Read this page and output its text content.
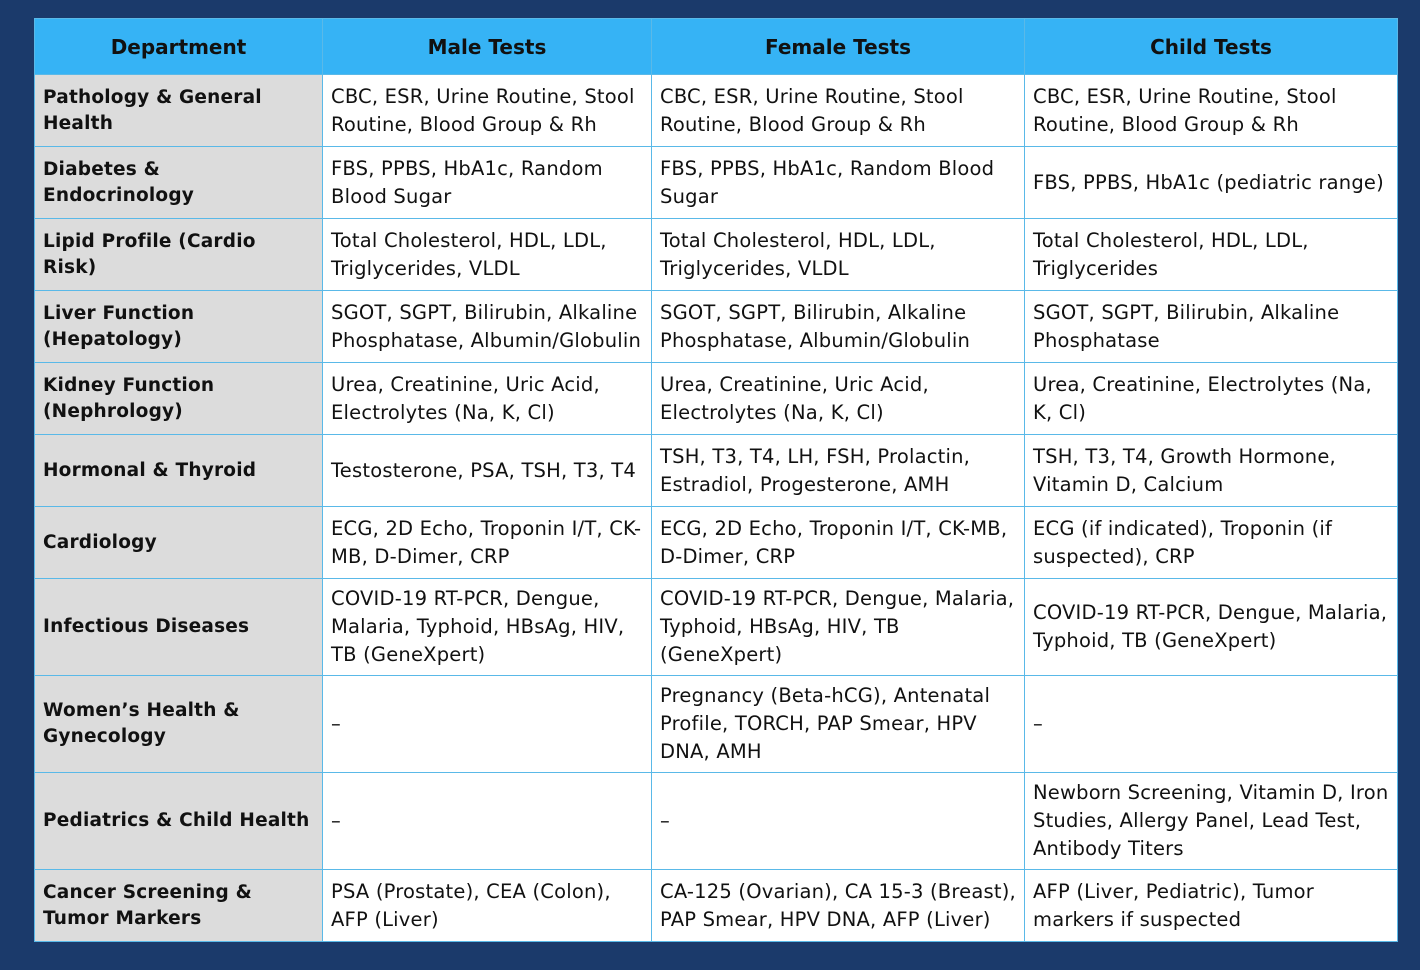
Department	Male Tests	Female Tests	Child Tests
Pathology & General Health	CBC, ESR, Urine Routine, Stool Routine, Blood Group & Rh	CBC, ESR, Urine Routine, Stool Routine, Blood Group & Rh	CBC, ESR, Urine Routine, Stool Routine, Blood Group & Rh
Diabetes & Endocrinology	FBS, PPBS, HbA1c, Random Blood Sugar	FBS, PPBS, HbA1c, Random Blood Sugar	FBS, PPBS, HbA1c (pediatric range)
Lipid Profile (Cardio Risk)	Total Cholesterol, HDL, LDL, Triglycerides, VLDL	Total Cholesterol, HDL, LDL, Triglycerides, VLDL	Total Cholesterol, HDL, LDL, Triglycerides
Liver Function (Hepatology)	SGOT, SGPT, Bilirubin, Alkaline Phosphatase, Albumin/Globulin	SGOT, SGPT, Bilirubin, Alkaline Phosphatase, Albumin/Globulin	SGOT, SGPT, Bilirubin, Alkaline Phosphatase
Kidney Function (Nephrology)	Urea, Creatinine, Uric Acid, Electrolytes (Na, K, Cl)	Urea, Creatinine, Uric Acid, Electrolytes (Na, K, Cl)	Urea, Creatinine, Electrolytes (Na, K, Cl)
Hormonal & Thyroid	Testosterone, PSA, TSH, T3, T4	TSH, T3, T4, LH, FSH, Prolactin, Estradiol, Progesterone, AMH	TSH, T3, T4, Growth Hormone, Vitamin D, Calcium
Cardiology	ECG, 2D Echo, Troponin I/T, CK-MB, D-Dimer, CRP	ECG, 2D Echo, Troponin I/T, CK-MB, D-Dimer, CRP	ECG (if indicated), Troponin (if suspected), CRP
Infectious Diseases	COVID-19 RT-PCR, Dengue, Malaria, Typhoid, HBsAg, HIV, TB (GeneXpert)	COVID-19 RT-PCR, Dengue, Malaria, Typhoid, HBsAg, HIV, TB (GeneXpert)	COVID-19 RT-PCR, Dengue, Malaria, Typhoid, TB (GeneXpert)
Women’s Health & Gynecology	–	Pregnancy (Beta-hCG), Antenatal Profile, TORCH, PAP Smear, HPV DNA, AMH	–
Pediatrics & Child Health	–	–	Newborn Screening, Vitamin D, Iron Studies, Allergy Panel, Lead Test, Antibody Titers
Cancer Screening & Tumor Markers	PSA (Prostate), CEA (Colon), AFP (Liver)	CA-125 (Ovarian), CA 15-3 (Breast), PAP Smear, HPV DNA, AFP (Liver)	AFP (Liver, Pediatric), Tumor markers if suspected
